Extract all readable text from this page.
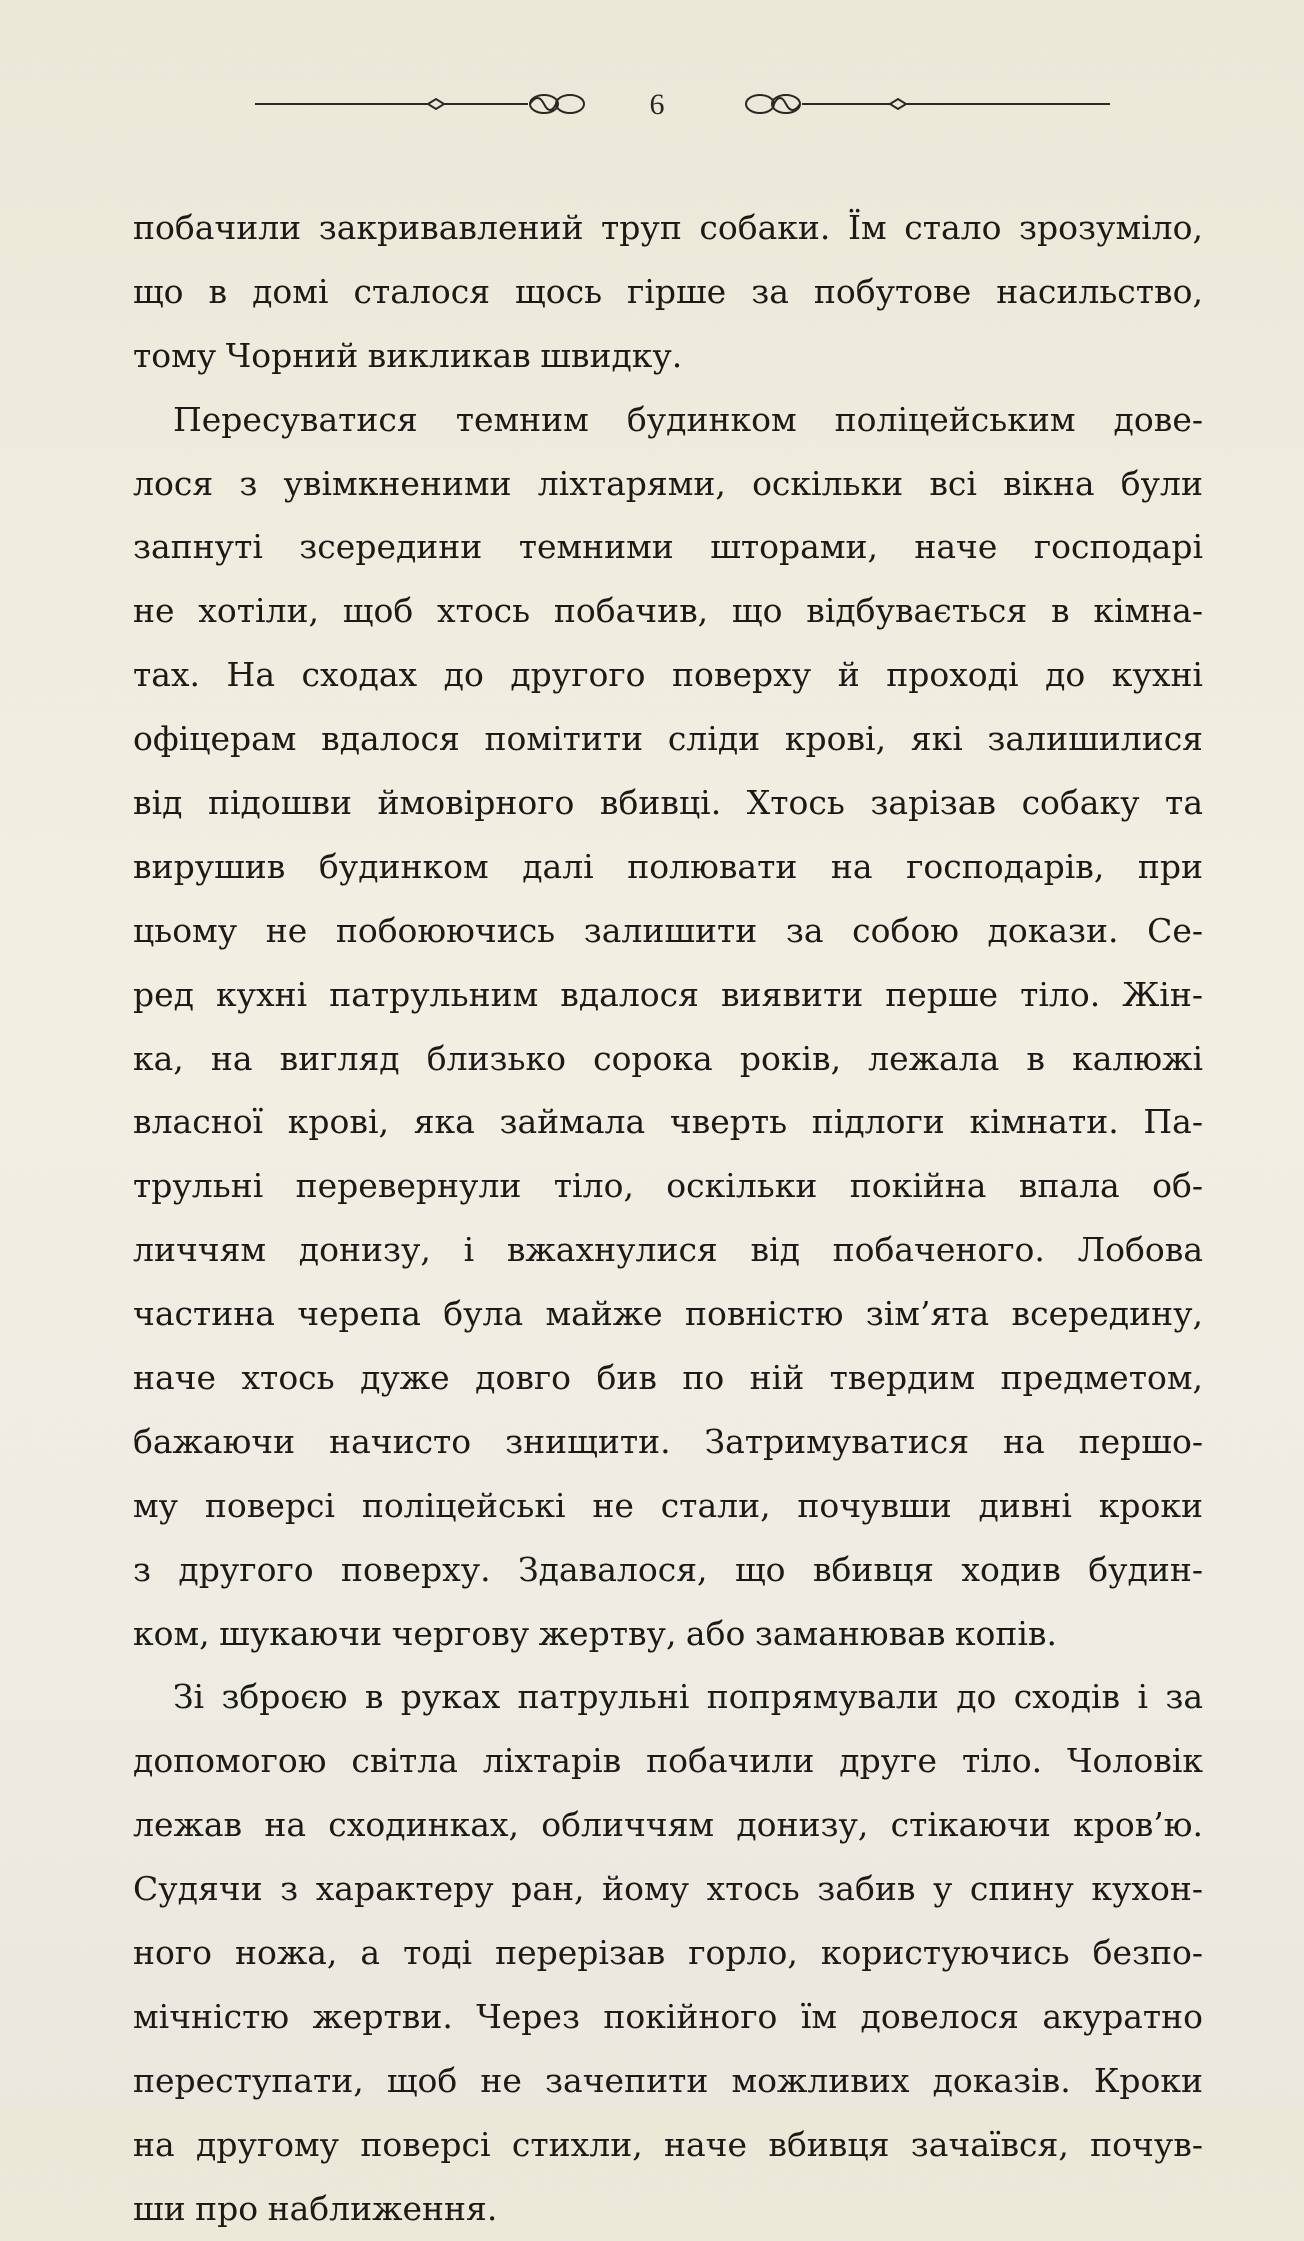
6
побачили закривавлений труп собаки. Їм стало зрозуміло,
що в домі сталося щось гірше за побутове насильство,
тому Чорний викликав швидку.
Пересуватися темним будинком поліцейським дове-
лося з увімкненими ліхтарями, оскільки всі вікна були
запнуті зсередини темними шторами, наче господарі
не хотіли, щоб хтось побачив, що відбувається в кімна-
тах. На сходах до другого поверху й проході до кухні
офіцерам вдалося помітити сліди крові, які залишилися
від підошви ймовірного вбивці. Хтось зарізав собаку та
вирушив будинком далі полювати на господарів, при
цьому не побоюючись залишити за собою докази. Се-
ред кухні патрульним вдалося виявити перше тіло. Жін-
ка, на вигляд близько сорока років, лежала в калюжі
власної крові, яка займала чверть підлоги кімнати. Па-
трульні перевернули тіло, оскільки покійна впала об-
личчям донизу, і вжахнулися від побаченого. Лобова
частина черепа була майже повністю зім’ята всередину,
наче хтось дуже довго бив по ній твердим предметом,
бажаючи начисто знищити. Затримуватися на першо-
му поверсі поліцейські не стали, почувши дивні кроки
з другого поверху. Здавалося, що вбивця ходив будин-
ком, шукаючи чергову жертву, або заманював копів.
Зі зброєю в руках патрульні попрямували до сходів і за
допомогою світла ліхтарів побачили друге тіло. Чоловік
лежав на сходинках, обличчям донизу, стікаючи кров’ю.
Судячи з характеру ран, йому хтось забив у спину кухон-
ного ножа, а тоді перерізав горло, користуючись безпо-
мічністю жертви. Через покійного їм довелося акуратно
переступати, щоб не зачепити можливих доказів. Кроки
на другому поверсі стихли, наче вбивця зачаївся, почув-
ши про наближення.
